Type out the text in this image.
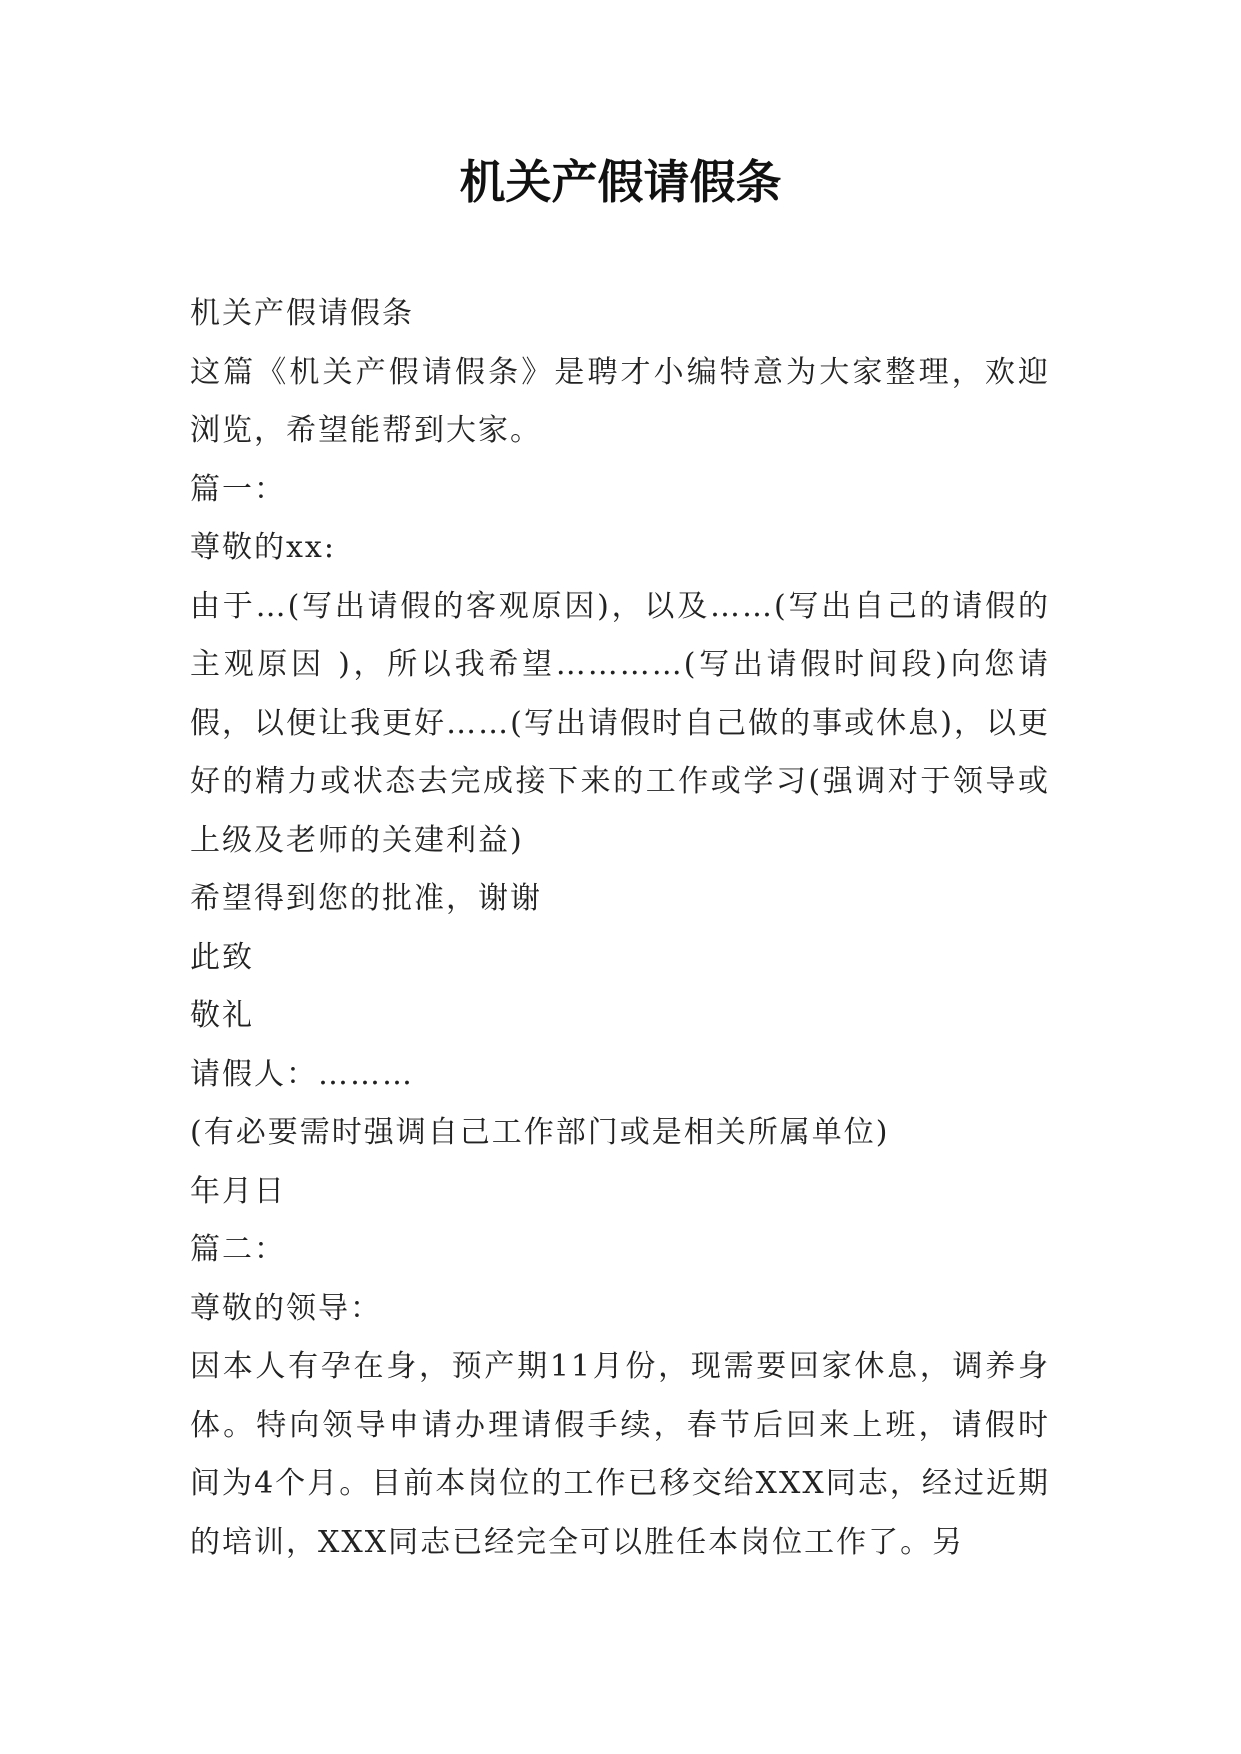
机关产假请假条

机关产假请假条

这篇《机关产假请假条》是聘才小编特意为大家整理，欢迎浏览，希望能帮到大家。

篇一：

尊敬的xx:

由于…(写出请假的客观原因)，以及……(写出自己的请假的主观原因 )，所以我希望…………(写出请假时间段)向您请假，以便让我更好……(写出请假时自己做的事或休息)，以更好的精力或状态去完成接下来的工作或学习(强调对于领导或上级及老师的关建利益)

希望得到您的批准，谢谢

此致

敬礼

请假人：………

(有必要需时强调自己工作部门或是相关所属单位)

年月日

篇二：

尊敬的领导：

因本人有孕在身，预产期11月份，现需要回家休息，调养身体。特向领导申请办理请假手续，春节后回来上班，请假时间为4个月。目前本岗位的工作已移交给XXX同志，经过近期的培训，XXX同志已经完全可以胜任本岗位工作了。另
